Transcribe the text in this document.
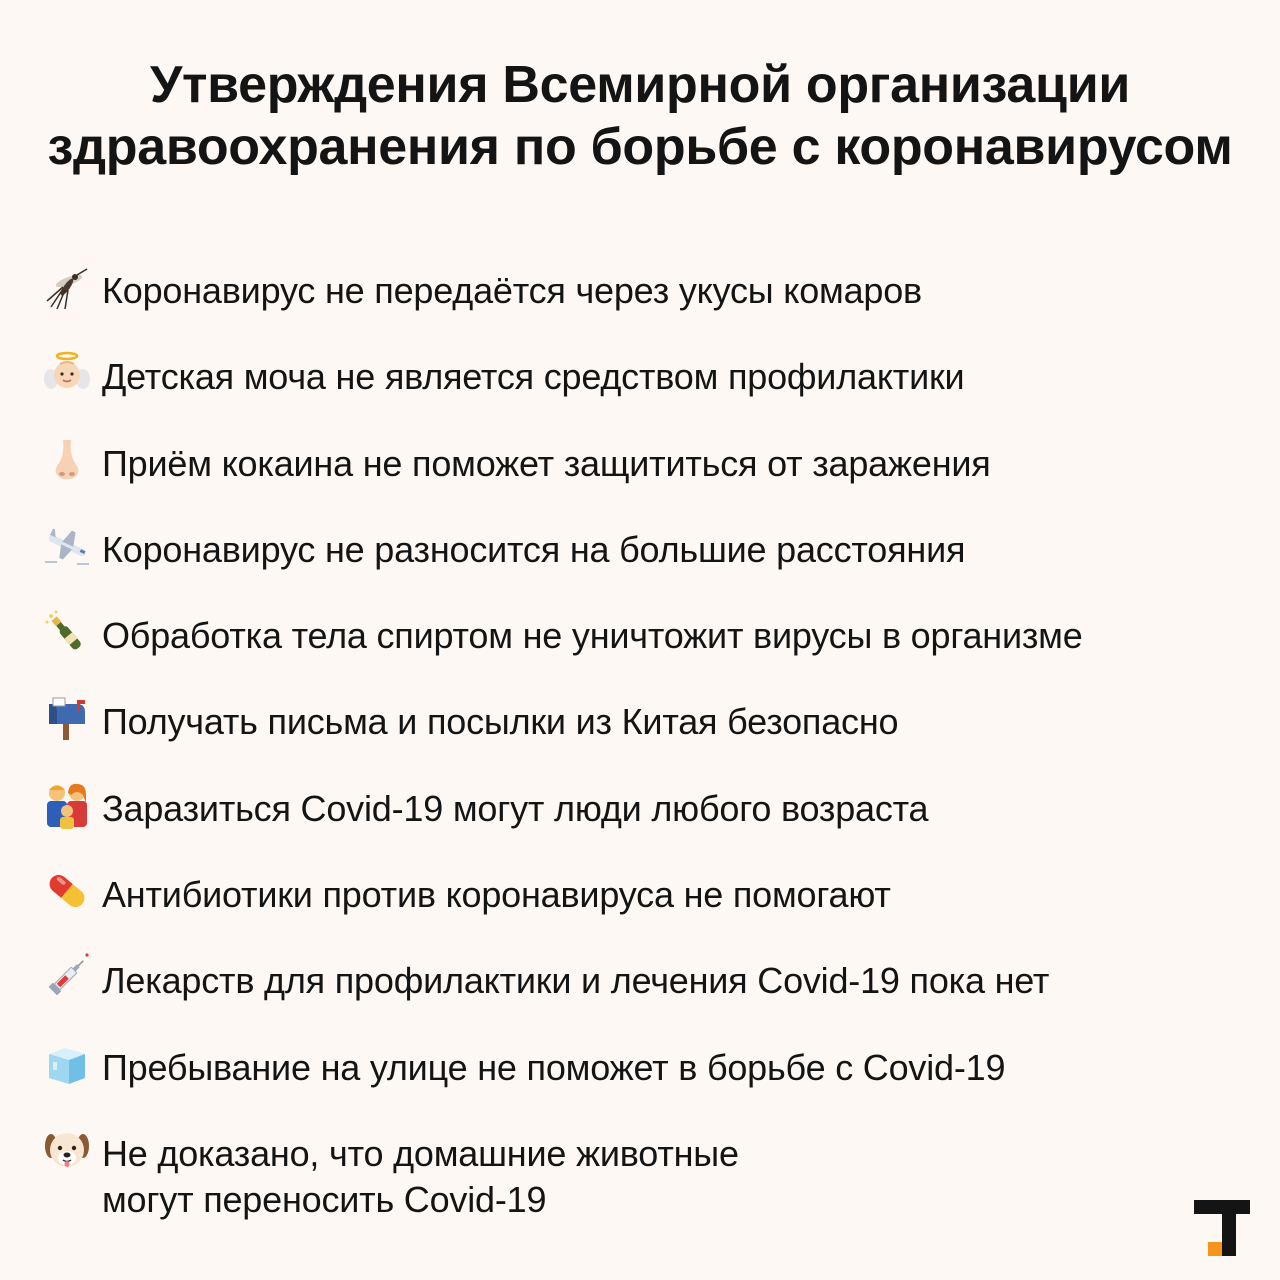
Утверждения Всемирной организации
здравоохранения по борьбе с коронавирусом
Коронавирус не передаётся через укусы комаров
Детская моча не является средством профилактики
Приём кокаина не поможет защититься от заражения
Коронавирус не разносится на большие расстояния
Обработка тела спиртом не уничтожит вирусы в организме
Получать письма и посылки из Китая безопасно
Заразиться Covid-19 могут люди любого возраста
Антибиотики против коронавируса не помогают
Лекарств для профилактики и лечения Covid-19 пока нет
Пребывание на улице не поможет в борьбе с Covid-19
Не доказано, что домашние животные
могут переносить Covid-19
